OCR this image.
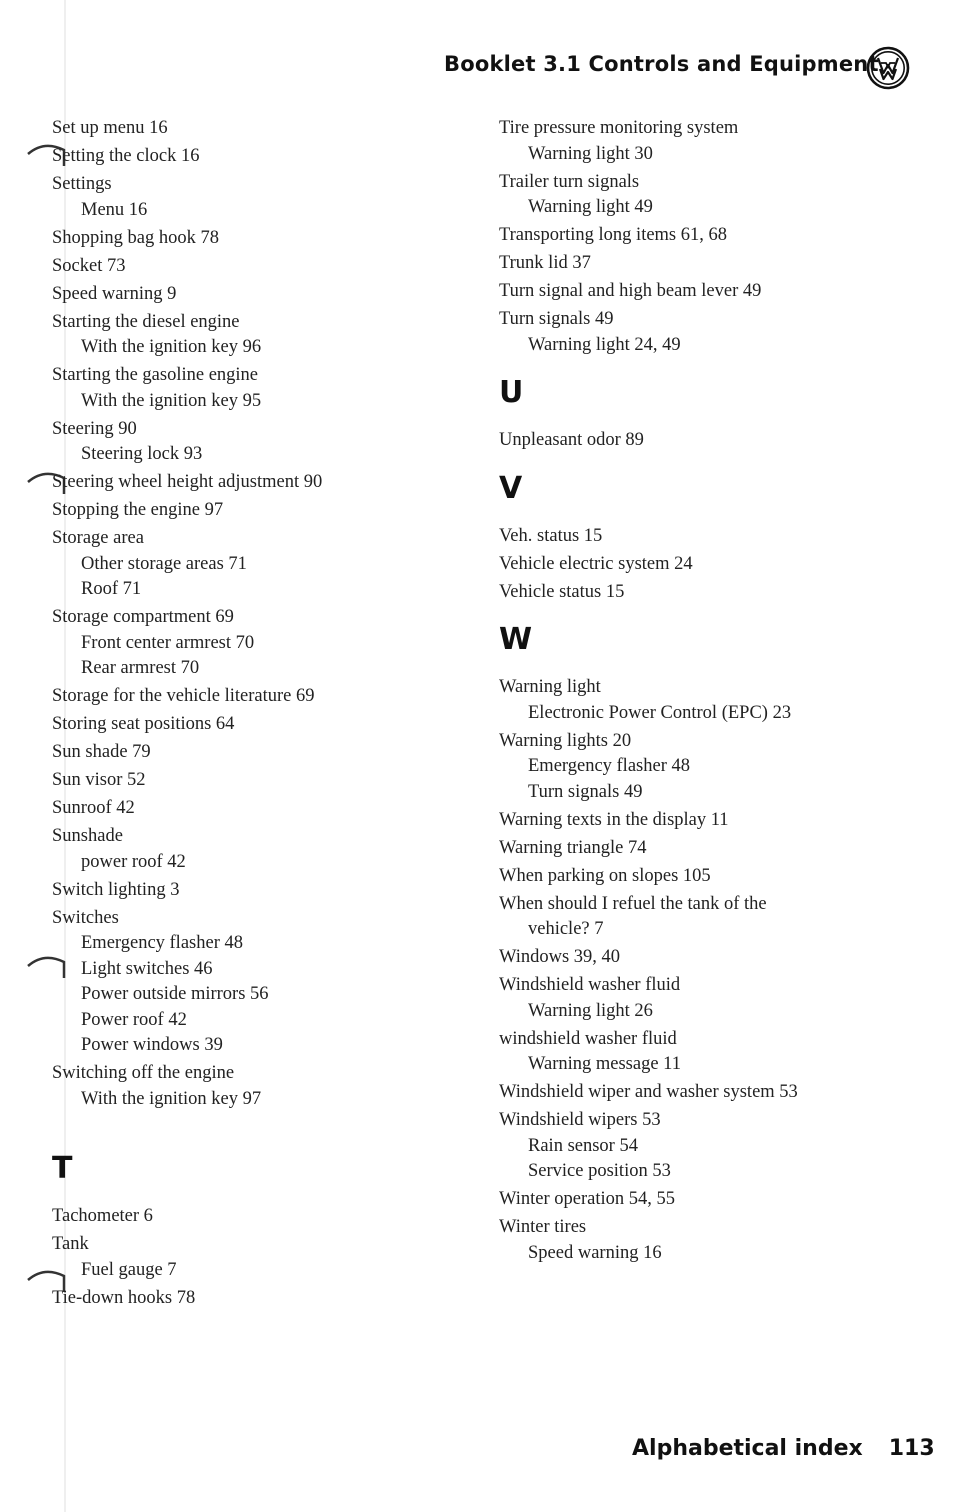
Booklet 3.1 Controls and Equipment
Set up menu 16
Setting the clock 16
Settings
Menu 16
Shopping bag hook 78
Socket 73
Speed warning 9
Starting the diesel engine
With the ignition key 96
Starting the gasoline engine
With the ignition key 95
Steering 90
Steering lock 93
Steering wheel height adjustment 90
Stopping the engine 97
Storage area
Other storage areas 71
Roof 71
Storage compartment 69
Front center armrest 70
Rear armrest 70
Storage for the vehicle literature 69
Storing seat positions 64
Sun shade 79
Sun visor 52
Sunroof 42
Sunshade
power roof 42
Switch lighting 3
Switches
Emergency flasher 48
Light switches 46
Power outside mirrors 56
Power roof 42
Power windows 39
Switching off the engine
With the ignition key 97
T
Tachometer 6
Tank
Fuel gauge 7
Tie-down hooks 78
Tire pressure monitoring system
Warning light 30
Trailer turn signals
Warning light 49
Transporting long items 61, 68
Trunk lid 37
Turn signal and high beam lever 49
Turn signals 49
Warning light 24, 49
U
Unpleasant odor 89
V
Veh. status 15
Vehicle electric system 24
Vehicle status 15
W
Warning light
Electronic Power Control (EPC) 23
Warning lights 20
Emergency flasher 48
Turn signals 49
Warning texts in the display 11
Warning triangle 74
When parking on slopes 105
When should I refuel the tank of the
vehicle? 7
Windows 39, 40
Windshield washer fluid
Warning light 26
windshield washer fluid
Warning message 11
Windshield wiper and washer system 53
Windshield wipers 53
Rain sensor 54
Service position 53
Winter operation 54, 55
Winter tires
Speed warning 16
Alphabetical index 113
